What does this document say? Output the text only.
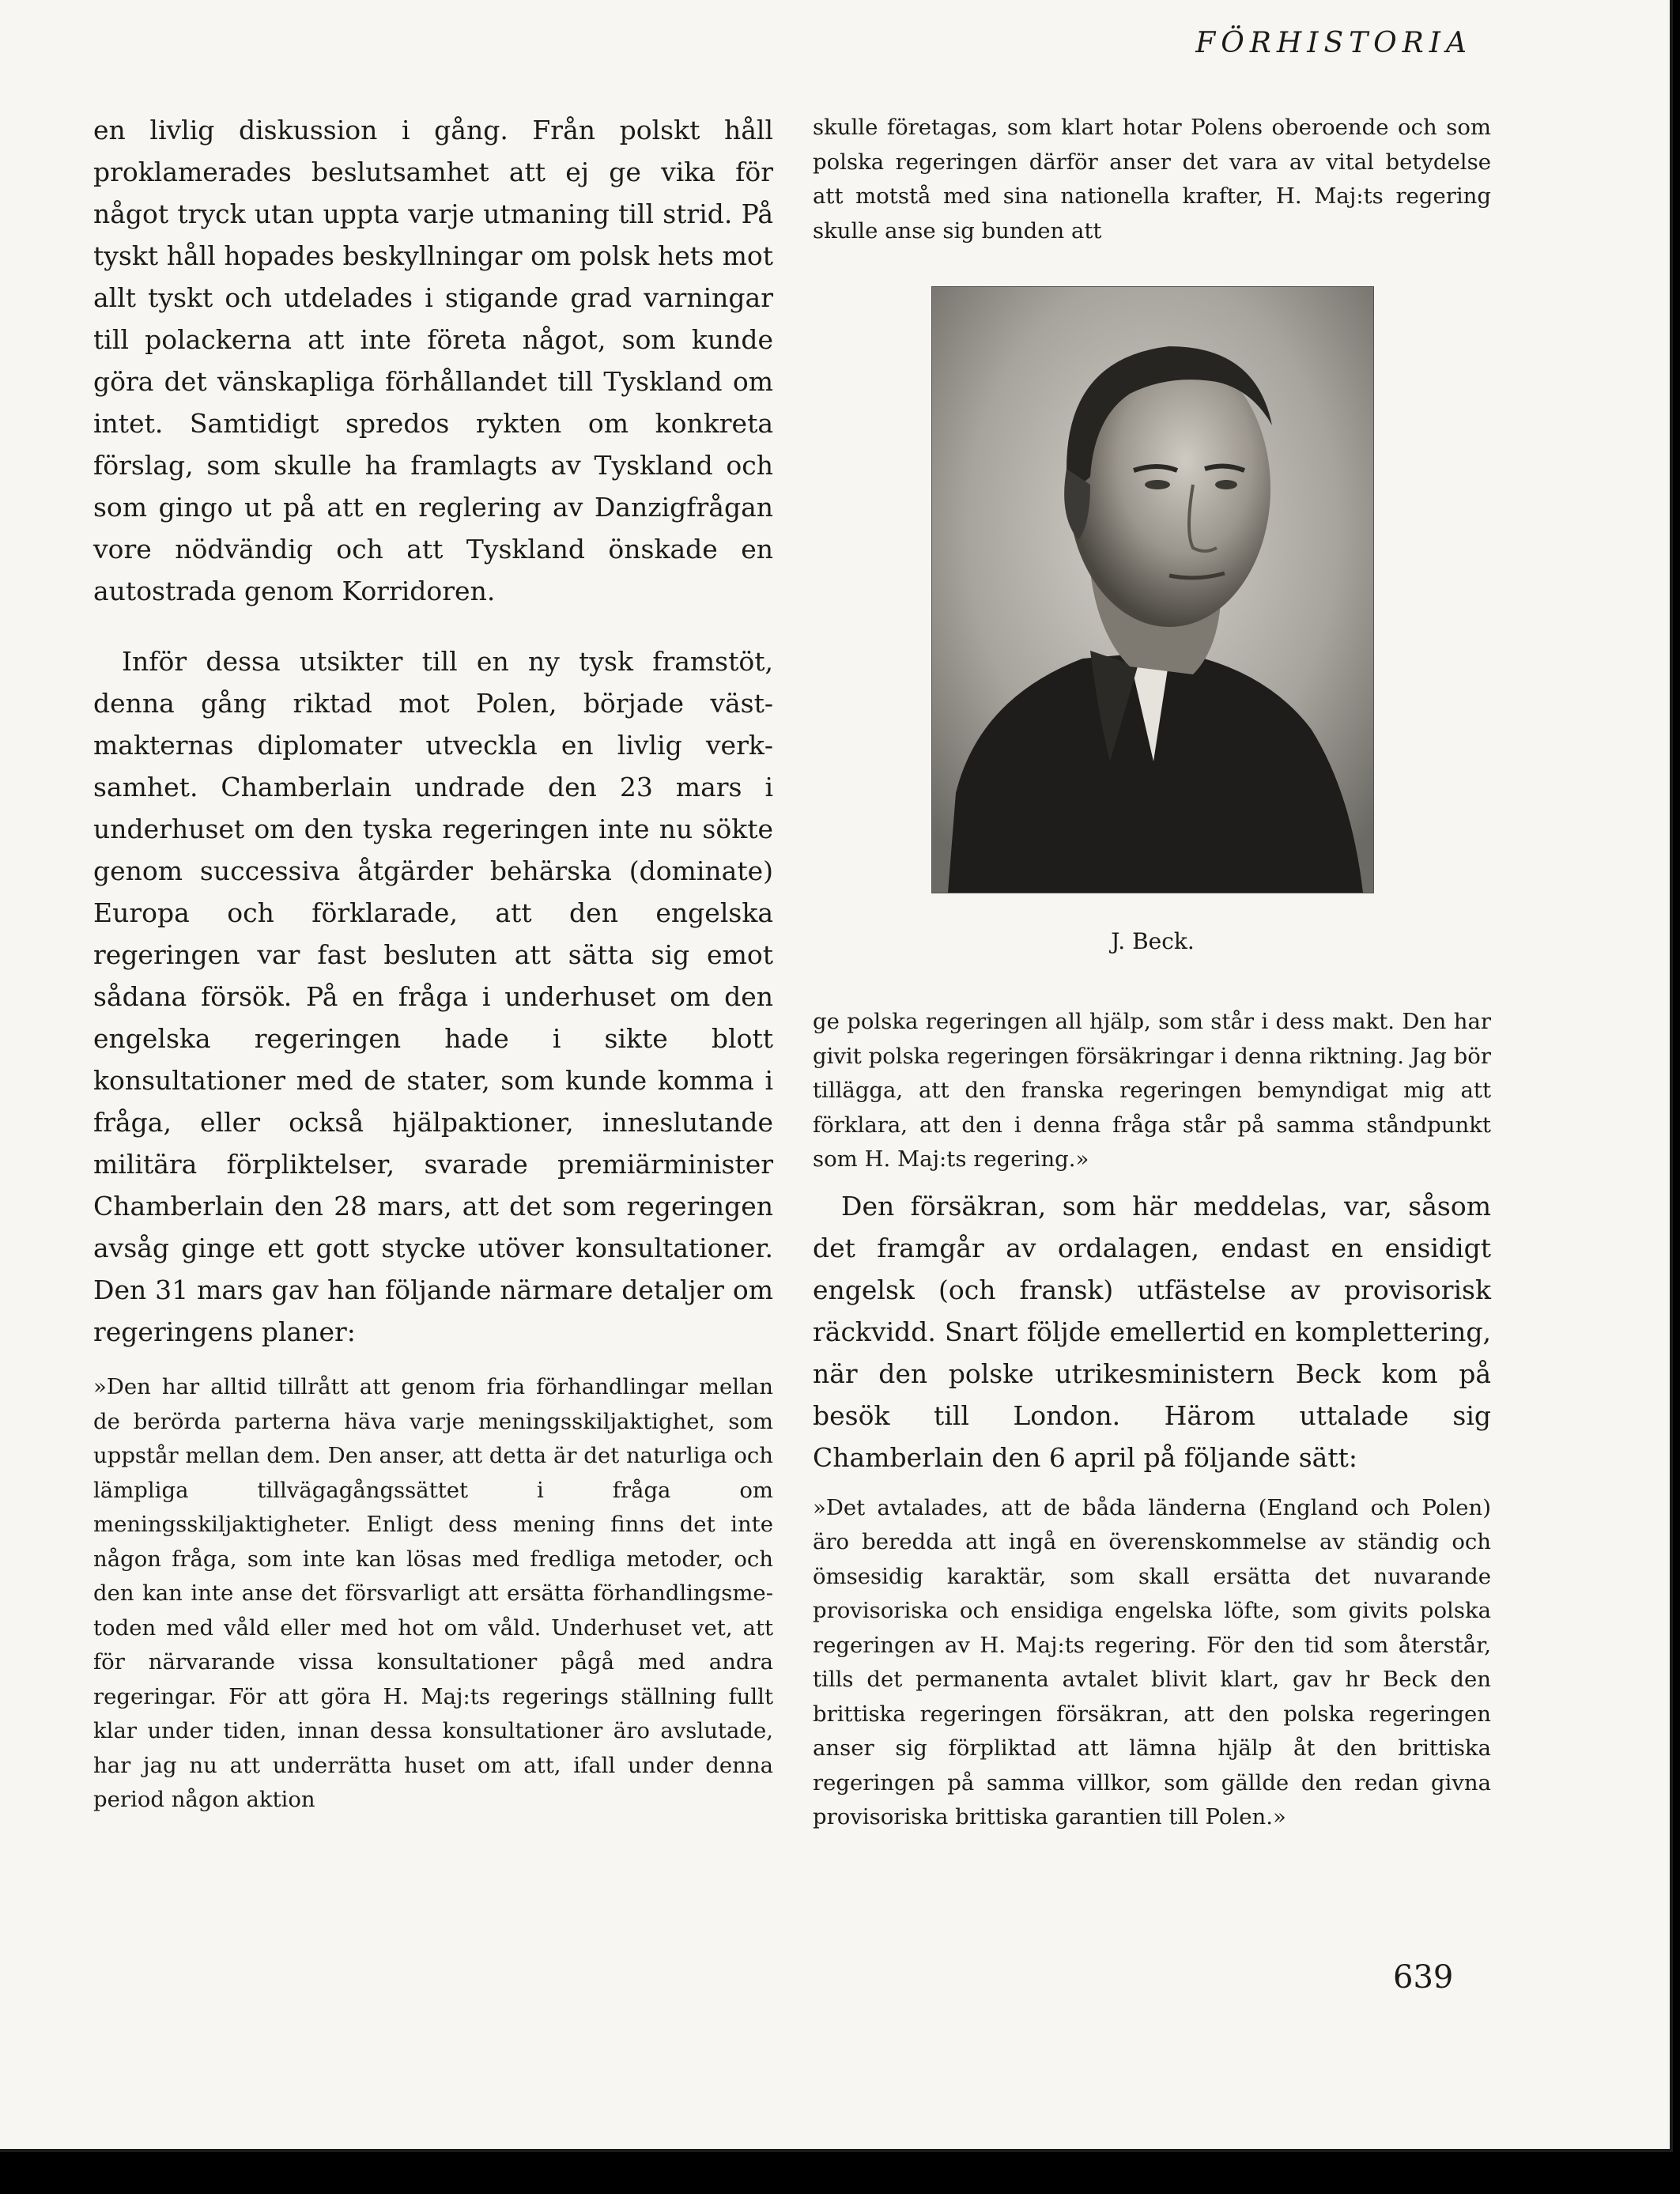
FÖRHISTORIA

en livlig diskussion i gång. Från polskt håll proklamerades beslutsamhet att ej ge vika för något tryck utan uppta varje utmaning till strid. På tyskt håll hopades beskyllningar om polsk hets mot allt tyskt och utdelades i stigande grad varningar till polackerna att inte företa något, som kunde göra det vänskapliga förhållandet till Tyskland om intet. Samtidigt spredos rykten om konkreta förslag, som skulle ha framlagts av Tyskland och som gingo ut på att en reglering av Danzigfrågan vore nödvändig och att Tyskland önskade en autostrada genom Korridoren.

Inför dessa utsikter till en ny tysk framstöt, denna gång riktad mot Polen, började västmakternas diplomater utveckla en livlig verksamhet. Chamberlain undrade den 23 mars i underhuset om den tyska regeringen inte nu sökte genom successiva åtgärder behärska (dominate) Europa och förklarade, att den engelska regeringen var fast besluten att sätta sig emot sådana försök. På en fråga i underhuset om den engelska regeringen hade i sikte blott konsultationer med de stater, som kunde komma i fråga, eller också hjälpaktioner, inneslutande militära förpliktelser, svarade premiärminister Chamberlain den 28 mars, att det som regeringen avsåg ginge ett gott stycke utöver konsultationer. Den 31 mars gav han följande närmare detaljer om regeringens planer:

»Den har alltid tillrått att genom fria förhandlingar mellan de berörda parterna häva varje meningsskiljaktighet, som uppstår mellan dem. Den anser, att detta är det naturliga och lämpliga tillvägagångssättet i fråga om meningsskiljaktigheter. Enligt dess mening finns det inte någon fråga, som inte kan lösas med fredliga metoder, och den kan inte anse det försvarligt att ersätta förhandlingsmetoden med våld eller med hot om våld. Underhuset vet, att för närvarande vissa konsultationer pågå med andra regeringar. För att göra H. Maj:ts regerings ställning fullt klar under tiden, innan dessa konsultationer äro avslutade, har jag nu att underrätta huset om att, ifall under denna period någon aktion

skulle företagas, som klart hotar Polens oberoende och som polska regeringen därför anser det vara av vital betydelse att motstå med sina nationella krafter, H. Maj:ts regering skulle anse sig bunden att

J. Beck.

ge polska regeringen all hjälp, som står i dess makt. Den har givit polska regeringen försäkringar i denna riktning. Jag bör tillägga, att den franska regeringen bemyndigat mig att förklara, att den i denna fråga står på samma ståndpunkt som H. Maj:ts regering.»

Den försäkran, som här meddelas, var, såsom det framgår av ordalagen, endast en ensidigt engelsk (och fransk) utfästelse av provisorisk räckvidd. Snart följde emellertid en komplettering, när den polske utrikesministern Beck kom på besök till London. Härom uttalade sig Chamberlain den 6 april på följande sätt:

»Det avtalades, att de båda länderna (England och Polen) äro beredda att ingå en överenskommelse av ständig och ömsesidig karaktär, som skall ersätta det nuvarande provisoriska och ensidiga engelska löfte, som givits polska regeringen av H. Maj:ts regering. För den tid som återstår, tills det permanenta avtalet blivit klart, gav hr Beck den brittiska regeringen försäkran, att den polska regeringen anser sig förpliktad att lämna hjälp åt den brittiska regeringen på samma villkor, som gällde den redan givna provisoriska brittiska garantien till Polen.»

639
